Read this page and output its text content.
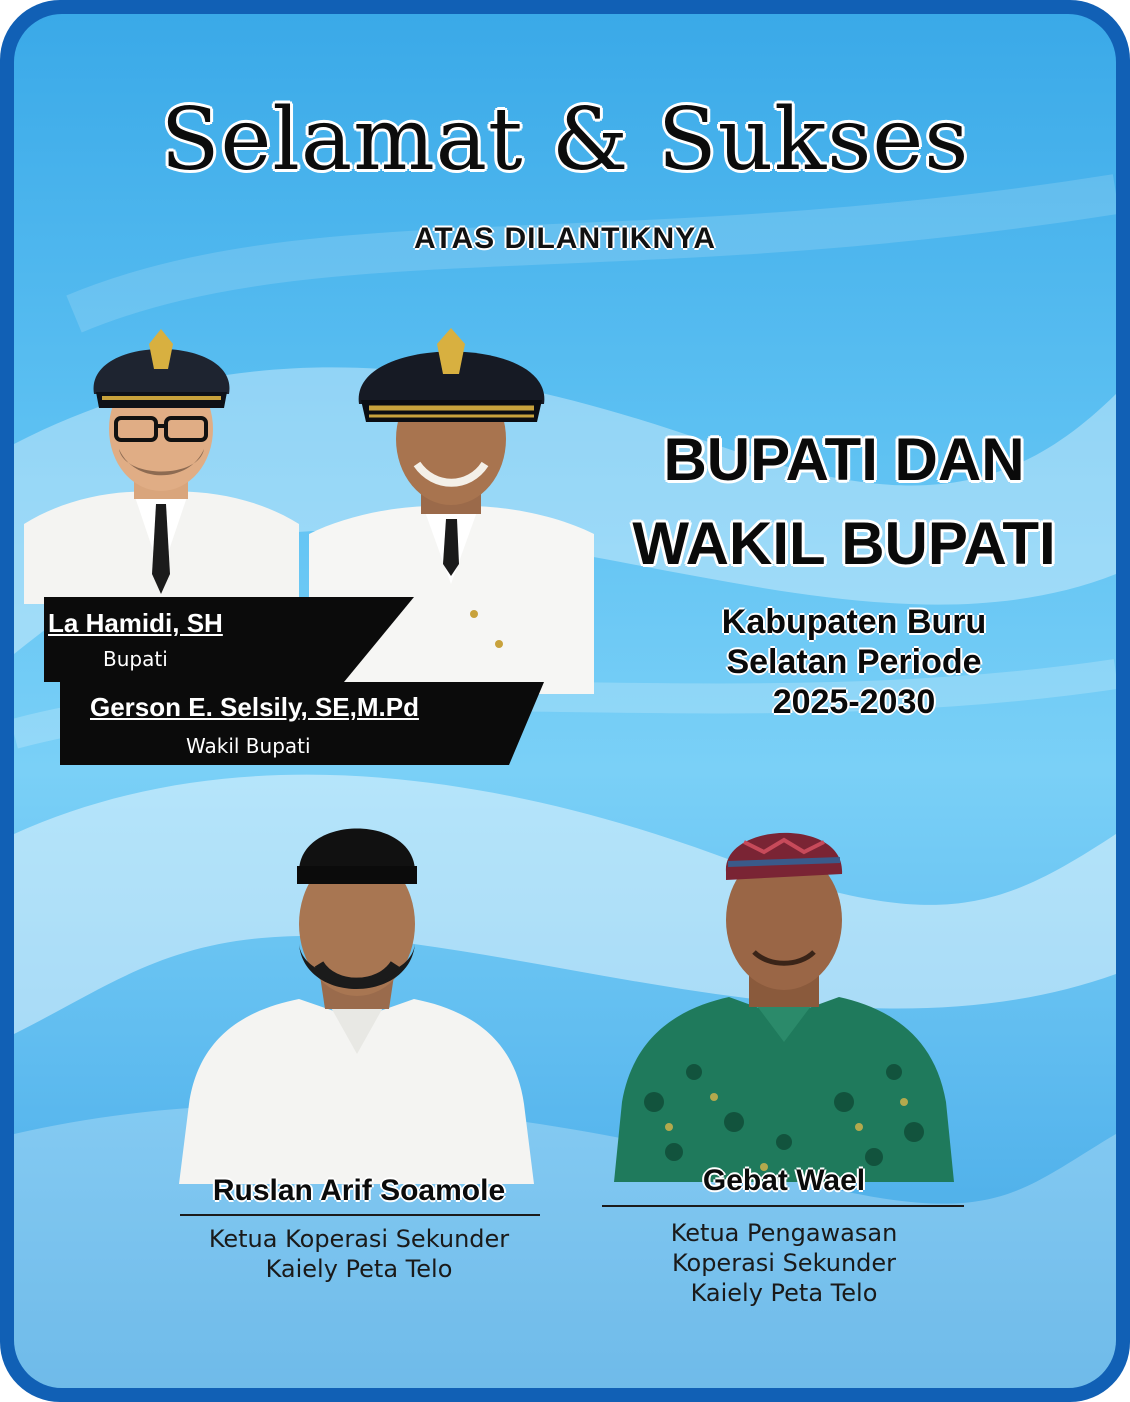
La Hamidi, SH
Bupati
Gerson E. Selsily, SE,M.Pd
Wakil Bupati
Selamat & Sukses
ATAS DILANTIKNYA
BUPATI DAN
WAKIL BUPATI
Kabupaten Buru
Selatan Periode
2025-2030
Ruslan Arif Soamole
Ketua Koperasi Sekunder
Kaiely Peta Telo
Gebat Wael
Ketua Pengawasan
Koperasi Sekunder
Kaiely Peta Telo
